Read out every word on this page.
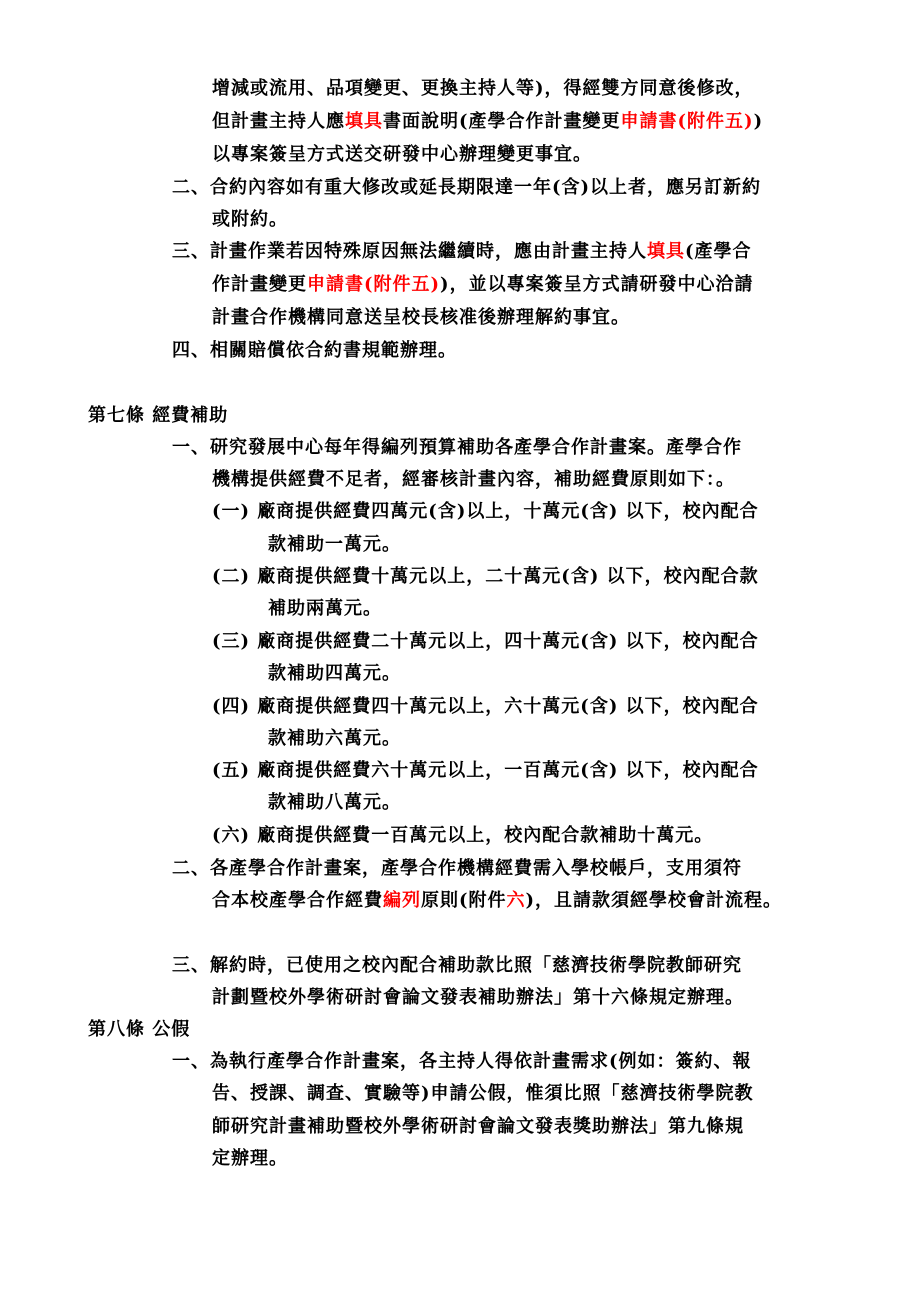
增減或流用、品項變更、更換主持人等)，得經雙方同意後修改，
但計畫主持人應填具書面說明(產學合作計畫變更申請書(附件五))
以專案簽呈方式送交研發中心辦理變更事宜。
二、合約內容如有重大修改或延長期限達一年(含)以上者，應另訂新約
或附約。
三、計畫作業若因特殊原因無法繼續時，應由計畫主持人填具(產學合
作計畫變更申請書(附件五))，並以專案簽呈方式請研發中心洽請
計畫合作機構同意送呈校長核准後辦理解約事宜。
四、相關賠償依合約書規範辦理。
第七條 經費補助
一、研究發展中心每年得編列預算補助各產學合作計畫案。產學合作
機構提供經費不足者，經審核計畫內容，補助經費原則如下：。
(一) 廠商提供經費四萬元(含)以上，十萬元(含) 以下，校內配合
款補助一萬元。
(二) 廠商提供經費十萬元以上，二十萬元(含) 以下，校內配合款
補助兩萬元。
(三) 廠商提供經費二十萬元以上，四十萬元(含) 以下，校內配合
款補助四萬元。
(四) 廠商提供經費四十萬元以上，六十萬元(含) 以下，校內配合
款補助六萬元。
(五) 廠商提供經費六十萬元以上，一百萬元(含) 以下，校內配合
款補助八萬元。
(六) 廠商提供經費一百萬元以上，校內配合款補助十萬元。
二、各產學合作計畫案，產學合作機構經費需入學校帳戶，支用須符
合本校產學合作經費編列原則(附件六)，且請款須經學校會計流程。
三、解約時，已使用之校內配合補助款比照「慈濟技術學院教師研究
計劃暨校外學術研討會論文發表補助辦法」第十六條規定辦理。
第八條 公假
一、為執行產學合作計畫案，各主持人得依計畫需求(例如：簽約、報
告、授課、調查、實驗等)申請公假，惟須比照「慈濟技術學院教
師研究計畫補助暨校外學術研討會論文發表獎助辦法」第九條規
定辦理。
